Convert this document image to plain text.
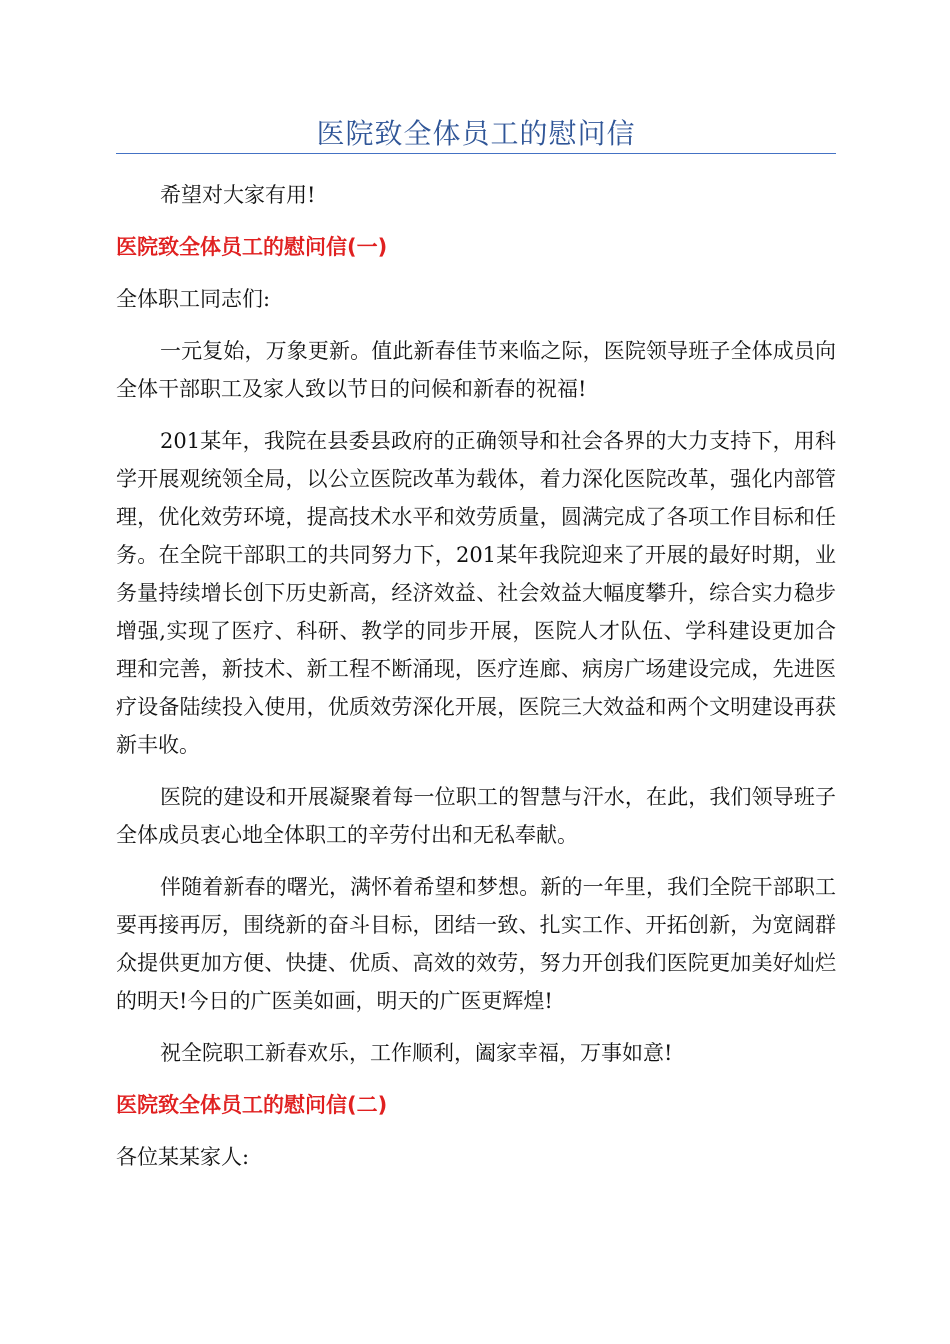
医院致全体员工的慰问信

希望对大家有用!

医院致全体员工的慰问信(一)

全体职工同志们:

一元复始，万象更新。值此新春佳节来临之际，医院领导班子全体成员向全体干部职工及家人致以节日的问候和新春的祝福!

201某年，我院在县委县政府的正确领导和社会各界的大力支持下，用科学开展观统领全局，以公立医院改革为载体，着力深化医院改革，强化内部管理，优化效劳环境，提高技术水平和效劳质量，圆满完成了各项工作目标和任务。在全院干部职工的共同努力下，201某年我院迎来了开展的最好时期，业务量持续增长创下历史新高，经济效益、社会效益大幅度攀升，综合实力稳步增强,实现了医疗、科研、教学的同步开展，医院人才队伍、学科建设更加合理和完善，新技术、新工程不断涌现，医疗连廊、病房广场建设完成，先进医疗设备陆续投入使用，优质效劳深化开展，医院三大效益和两个文明建设再获新丰收。

医院的建设和开展凝聚着每一位职工的智慧与汗水，在此，我们领导班子全体成员衷心地全体职工的辛劳付出和无私奉献。

伴随着新春的曙光，满怀着希望和梦想。新的一年里，我们全院干部职工要再接再厉，围绕新的奋斗目标，团结一致、扎实工作、开拓创新，为宽阔群众提供更加方便、快捷、优质、高效的效劳，努力开创我们医院更加美好灿烂的明天!今日的广医美如画，明天的广医更辉煌!

祝全院职工新春欢乐，工作顺利，阖家幸福，万事如意!

医院致全体员工的慰问信(二)

各位某某家人:
